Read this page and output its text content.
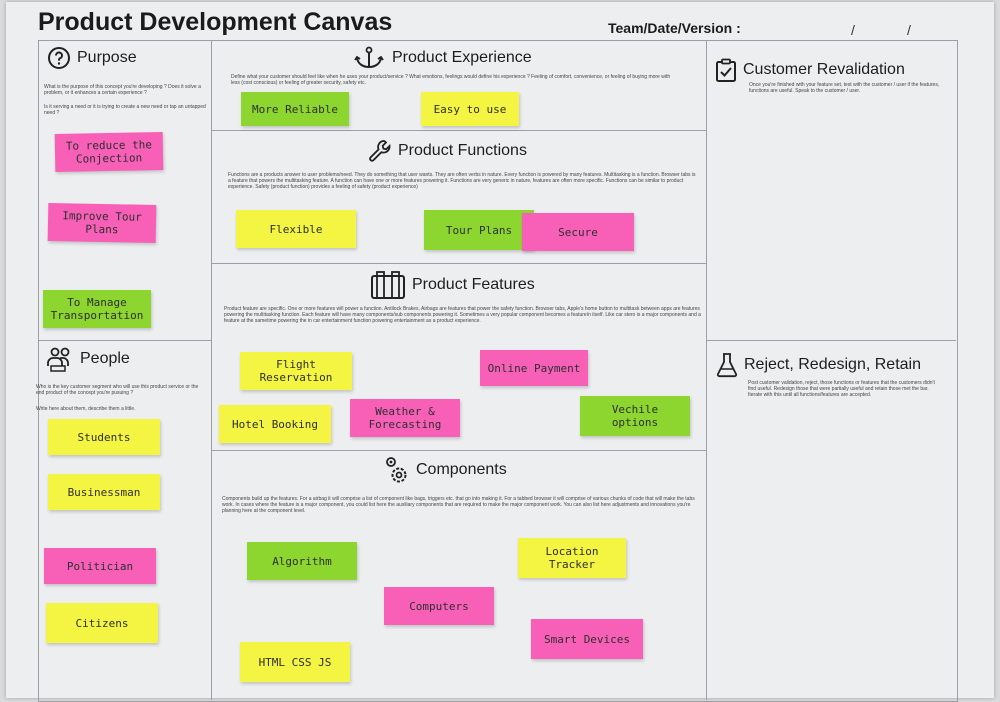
Product Development Canvas	Team/Date/Version :	/	/
Purpose
What is the purpose of this concept you're developing ? Does it solve a problem, or it enhances a certain experience ?
Is it serving a need or it is trying to create a new need or tap an untapped need ?
To reduce the Conjection
Improve Tour Plans
To Manage Transportation
Product Experience
Define what your customer should feel like when he uses your product/service ? What emotions, feelings would define his experience ? Feeling of comfort, convenience, or feeling of buying more with less (cost conscious) or feeling of greater security, safety etc.
More Reliable	Easy to use
Customer Revalidation
Once you're finished with your feature set, test with the customer / user if the features, functions are useful. Speak to the customer / user.
Product Functions
Functions are a products answer to user problems/need. They do something that user wants. They are often verbs in nature. Every function is powered by many features. Multitasking is a function. Browser tabs is a feature that powers the multitasking feature. A function can have one or more features powering it. Functions are very generic in nature, features are often more specific. Functions can be similar to product experience. Safety (product function) provides a feeling of safety (product experience)
Flexible	Tour Plans	Secure
Product Features
Product feature are specific. One or more features will power a function. Antilock Brakes, Airbags are features that power the safety function. Browser tabs, Apple's home button to multitask between apps are features powering the multitasking function. Each feature will have many components/sub components powering it. Sometimes a very popular component becomes a featureín itself. Like car stero is a major components and a feature at the sametime powering the in car entertainment function powering entertainment as a product experience.
Flight Reservation
Online Payment
Hotel Booking
Weather & Forecasting
Vechile options
People
Who is the key customer segment who will use this product service or the end product of the concept you're pusuing ?
Write here about them, describe them a little.
Students
Businessman
Politician
Citizens
Reject, Redesign, Retain
Post customer validation, reject, those functions or features that the customers didn't find useful. Redesign those that were partially useful and retain those met the bar. Iterate with this until all functions/features are accepted.
Components
Components build up the features. For a airbag it will comprise a list of component like bags, triggers etc. that go into making it. For a tabbed browser it will comprise of various chunks of code that will make the tabs work. In cases where the feature is a major component, you could list here the auxiliary components that are required to make the major component work. You can also list here adjustments and innovations you're planning here at the component level.
Algorithm
Location Tracker
Computers
Smart Devices
HTML CSS JS
